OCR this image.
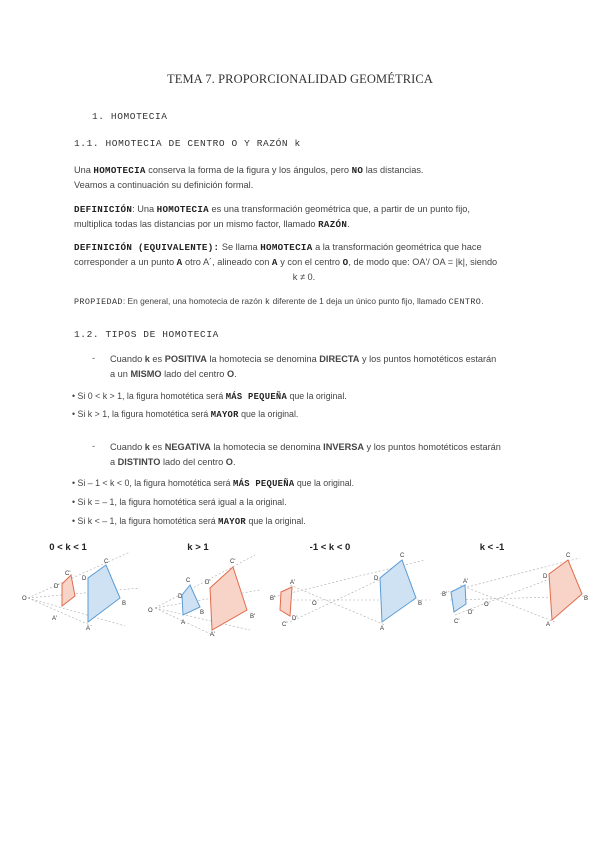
TEMA 7. PROPORCIONALIDAD GEOMÉTRICA
1. HOMOTECIA
1.1. HOMOTECIA DE CENTRO O Y RAZÓN k
Una HOMOTECIA conserva la forma de la figura y los ángulos, pero NO las distancias.
Veamos a continuación su definición formal.
DEFINICIÓN: Una HOMOTECIA es una transformación geométrica que, a partir de un punto fijo,
multiplica todas las distancias por un mismo factor, llamado RAZÓN.
DEFINICIÓN (EQUIVALENTE): Se llama HOMOTECIA a la transformación geométrica que hace
corresponder a un punto A otro A´, alineado con A y con el centro O, de modo que: OA'/ OA = |k|, siendo

k ≠ 0.
PROPIEDAD: En general, una homotecia de razón k diferente de 1 deja un único punto fijo, llamado CENTRO.
1.2. TIPOS DE HOMOTECIA
- Cuando k es POSITIVA la homotecia se denomina DIRECTA y los puntos homotéticos estarán
a un MISMO lado del centro O.
• Si 0 < k > 1, la figura homotética será MÁS PEQUEÑA que la original.
• Si k > 1, la figura homotética será MAYOR que la original.
- Cuando k es NEGATIVA la homotecia se denomina INVERSA y los puntos homotéticos estarán
a DISTINTO lado del centro O.
• Si – 1 < k < 0, la figura homotética será MÁS PEQUEÑA que la original.
• Si k = – 1, la figura homotética será igual a la original.
• Si k < – 1, la figura homotética será MAYOR que la original.
0 < k < 1	k > 1	-1 < k < 0	k < -1
O
C
D
B
A
C'
D'
A'
O
C
D
B
A
C'
D'
B'
A'
O
C
D
B
A
A'
B'
D'
C'
O
A'
B'
D'
C'
C
D
B
A
